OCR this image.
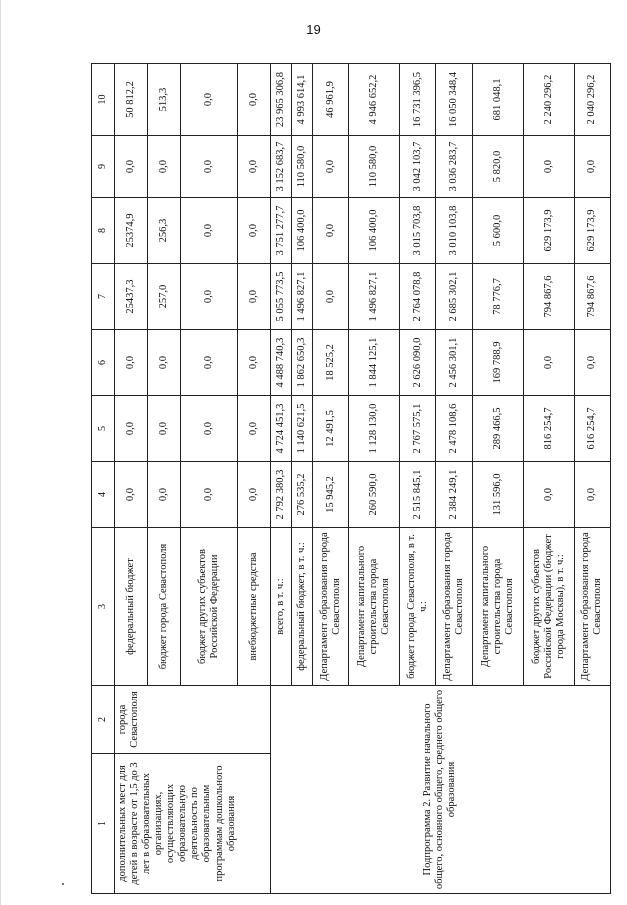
19
1	2	3	4	5	6	7	8	9	10
дополнительных мест для детей в возрасте от 1,5 до 3 лет в образовательных организациях, осуществляющих образовательную деятельность по образовательным программам дошкольного образования	города Севастополя	федеральный бюджет	0,0	0,0	0,0	25437,3	25374,9	0,0	50 812,2
		бюджет города Севастополя	0,0	0,0	0,0	257,0	256,3	0,0	513,3
		бюджет других субъектов Российской Федерации	0,0	0,0	0,0	0,0	0,0	0,0	0,0
		внебюджетные средства	0,0	0,0	0,0	0,0	0,0	0,0	0,0
Подпрограмма 2. Развитие начального общего, основного общего, среднего общего образования		всего, в т. ч.:	2 792 380,3	4 724 451,3	4 488 740,3	5 055 773,5	3 751 277,7	3 152 683,7	23 965 306,8
		федеральный бюджет, в т. ч.:	276 535,2	1 140 621,5	1 862 650,3	1 496 827,1	106 400,0	110 580,0	4 993 614,1
		Департамент образования города Севастополя	15 945,2	12 491,5	18 525,2	0,0	0,0	0,0	46 961,9
		Департамент капитального строительства города Севастополя	260 590,0	1 128 130,0	1 844 125,1	1 496 827,1	106 400,0	110 580,0	4 946 652,2
		бюджет города Севастополя, в т. ч.:	2 515 845,1	2 767 575,1	2 626 090,0	2 764 078,8	3 015 703,8	3 042 103,7	16 731 396,5
		Департамент образования города Севастополя	2 384 249,1	2 478 108,6	2 456 301,1	2 685 302,1	3 010 103,8	3 036 283,7	16 050 348,4
		Департамент капитального строительства города Севастополя	131 596,0	289 466,5	169 788,9	78 776,7	5 600,0	5 820,0	681 048,1
		бюджет других субъектов Российской Федерации (бюджет города Москвы), в т. ч.:	0,0	816 254,7	0,0	794 867,6	629 173,9	0,0	2 240 296,2
		Департамент образования города Севастополя	0,0	616 254,7	0,0	794 867,6	629 173,9	0,0	2 040 296,2
